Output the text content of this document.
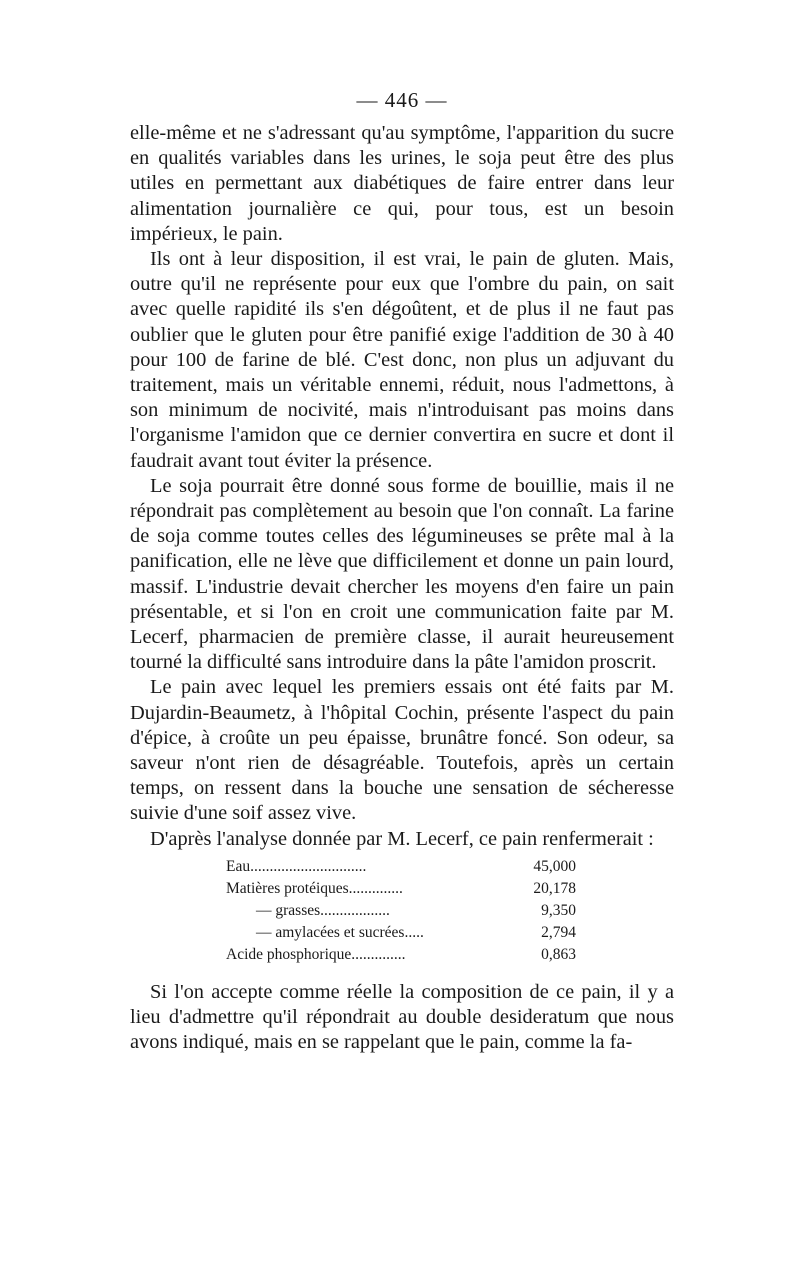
— 446 —

elle-même et ne s'adressant qu'au symptôme, l'apparition du sucre en qualités variables dans les urines, le soja peut être des plus utiles en permettant aux diabétiques de faire entrer dans leur alimentation journalière ce qui, pour tous, est un besoin impérieux, le pain.

Ils ont à leur disposition, il est vrai, le pain de gluten. Mais, outre qu'il ne représente pour eux que l'ombre du pain, on sait avec quelle rapidité ils s'en dégoûtent, et de plus il ne faut pas oublier que le gluten pour être panifié exige l'addition de 30 à 40 pour 100 de farine de blé. C'est donc, non plus un adjuvant du traitement, mais un véritable ennemi, réduit, nous l'admettons, à son minimum de nocivité, mais n'introduisant pas moins dans l'organisme l'amidon que ce dernier convertira en sucre et dont il faudrait avant tout éviter la présence.

Le soja pourrait être donné sous forme de bouillie, mais il ne répondrait pas complètement au besoin que l'on connaît. La farine de soja comme toutes celles des légumineuses se prête mal à la panification, elle ne lève que difficilement et donne un pain lourd, massif. L'industrie devait chercher les moyens d'en faire un pain présentable, et si l'on en croit une communication faite par M. Lecerf, pharmacien de première classe, il aurait heureusement tourné la difficulté sans introduire dans la pâte l'amidon proscrit.

Le pain avec lequel les premiers essais ont été faits par M. Dujardin-Beaumetz, à l'hôpital Cochin, présente l'aspect du pain d'épice, à croûte un peu épaisse, brunâtre foncé. Son odeur, sa saveur n'ont rien de désagréable. Toutefois, après un certain temps, on ressent dans la bouche une sensation de sécheresse suivie d'une soif assez vive.

D'après l'analyse donnée par M. Lecerf, ce pain renfermerait :

Eau..............................	45,000
Matières protéiques..............	20,178
— grasses..................	9,350
— amylacées et sucrées.....	2,794
Acide phosphorique..............	0,863

Si l'on accepte comme réelle la composition de ce pain, il y a lieu d'admettre qu'il répondrait au double desideratum que nous avons indiqué, mais en se rappelant que le pain, comme la fa-
